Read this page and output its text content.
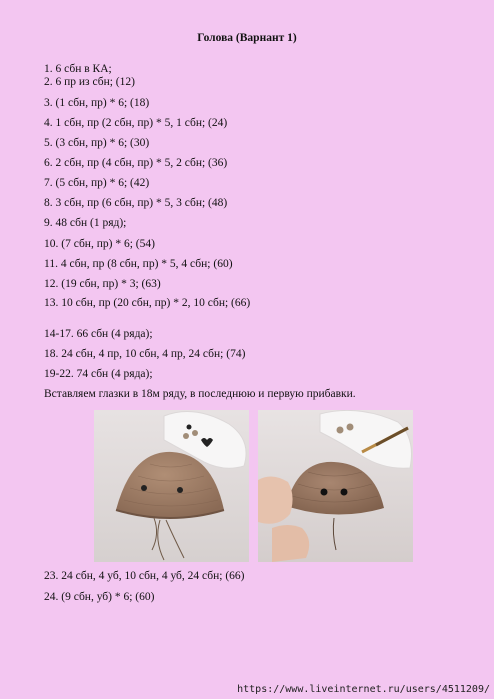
Голова (Варнант 1)
1. 6 сбн в КА;
2. 6 пр из сбн; (12)
3. (1 сбн, пр) * 6; (18)
4. 1 сбн, пр (2 сбн, пр) * 5, 1 сбн; (24)
5. (3 сбн, пр) * 6; (30)
6. 2 сбн, пр (4 сбн, пр) * 5, 2 сбн; (36)
7. (5 сбн, пр) * 6; (42)
8. 3 сбн, пр (6 сбн, пр) * 5, 3 сбн; (48)
9. 48 сбн (1 ряд);
10. (7 сбн, пр) * 6; (54)
11. 4 сбн, пр (8 сбн, пр) * 5, 4 сбн; (60)
12. (19 сбн, пр) * 3; (63)
13. 10 сбн, пр (20 сбн, пр) * 2, 10 сбн; (66)
14-17. 66 сбн (4 ряда);
18. 24 сбн, 4 пр, 10 сбн, 4 пр, 24 сбн; (74)
19-22. 74 сбн (4 ряда);
Вставляем глазки в 18м ряду, в последнюю и первую прибавки.
23. 24 сбн, 4 уб, 10 сбн, 4 уб, 24 сбн; (66)
24. (9 сбн, уб) * 6; (60)
https://www.liveinternet.ru/users/4511209/
